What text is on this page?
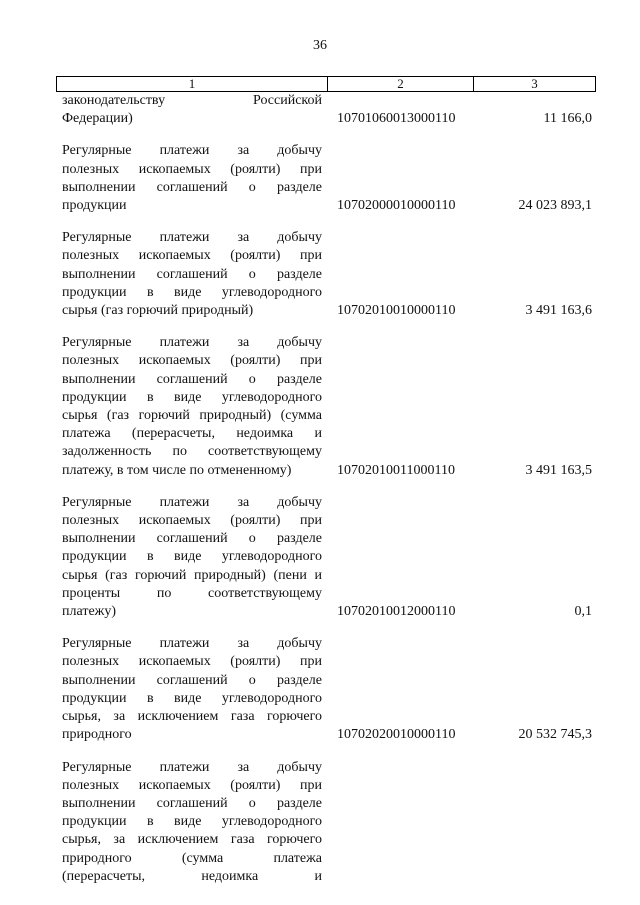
36
1	2	3
законодательству Российской
Федерации)	10701060013000110	11 166,0
Регулярные платежи за добычу
полезных ископаемых (роялти) при
выполнении соглашений о разделе
продукции	10702000010000110	24 023 893,1
Регулярные платежи за добычу
полезных ископаемых (роялти) при
выполнении соглашений о разделе
продукции в виде углеводородного
сырья (газ горючий природный)	10702010010000110	3 491 163,6
Регулярные платежи за добычу
полезных ископаемых (роялти) при
выполнении соглашений о разделе
продукции в виде углеводородного
сырья (газ горючий природный) (сумма
платежа (перерасчеты, недоимка и
задолженность по соответствующему
платежу, в том числе по отмененному)	10702010011000110	3 491 163,5
Регулярные платежи за добычу
полезных ископаемых (роялти) при
выполнении соглашений о разделе
продукции в виде углеводородного
сырья (газ горючий природный) (пени и
проценты по соответствующему
платежу)	10702010012000110	0,1
Регулярные платежи за добычу
полезных ископаемых (роялти) при
выполнении соглашений о разделе
продукции в виде углеводородного
сырья, за исключением газа горючего
природного	10702020010000110	20 532 745,3
Регулярные платежи за добычу
полезных ископаемых (роялти) при
выполнении соглашений о разделе
продукции в виде углеводородного
сырья, за исключением газа горючего
природного (сумма платежа
(перерасчеты, недоимка и
